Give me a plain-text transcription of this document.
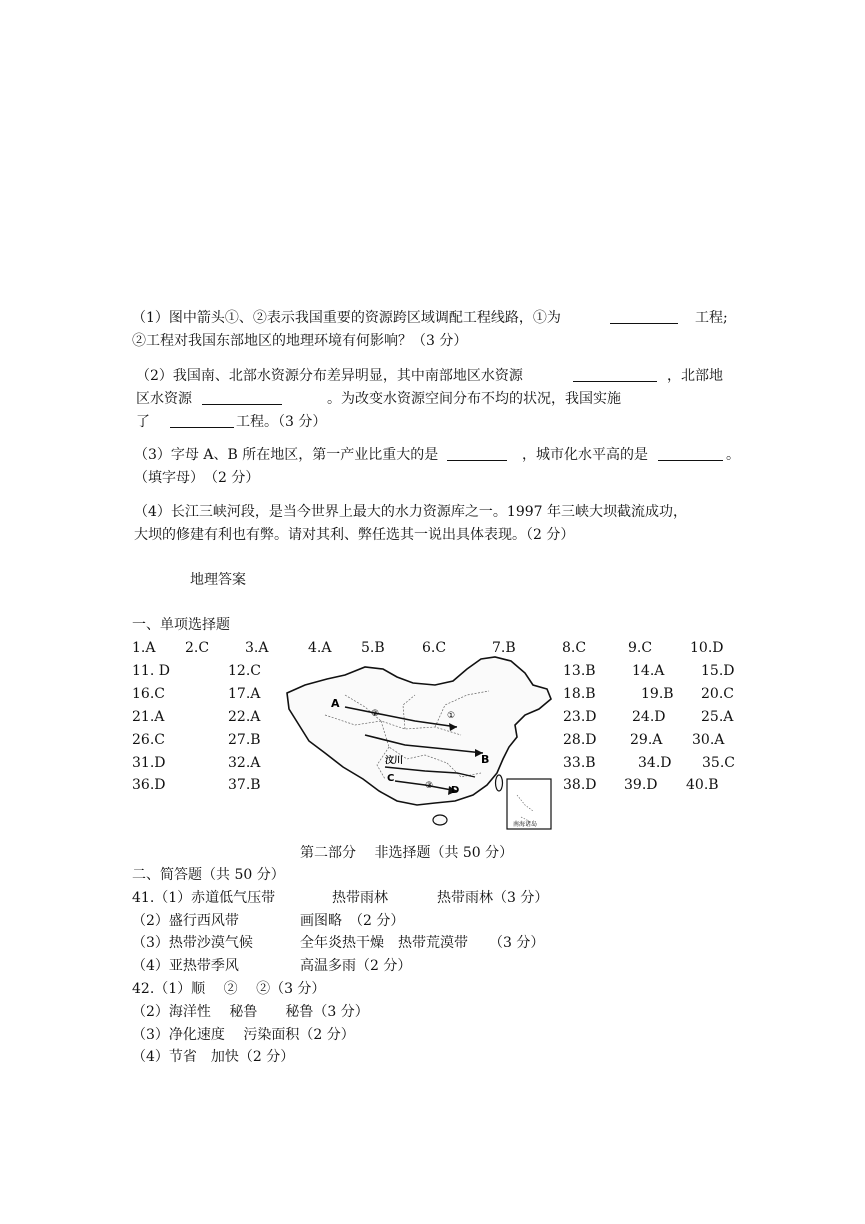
（1）图中箭头①、②表示我国重要的资源跨区域调配工程线路，①为	工程;
②工程对我国东部地区的地理环境有何影响？（3 分）
（2）我国南、北部水资源分布差异明显，其中南部地区水资源	，北部地
区水资源	。为改变水资源空间分布不均的状况，我国实施
了	工程。（3 分）
（3）字母 A、B 所在地区，第一产业比重大的是	，城市化水平高的是	。
（填字母）　（2 分）
（4）长江三峡河段，是当今世界上最大的水力资源库之一。1997 年三峡大坝截流成功，
大坝的修建有利也有弊。请对其利、弊任选其一说出具体表现。（2 分）
地理答案
一、单项选择题
1.A 2.C	3.A	4.A 5.B	6.C	7.B	8.C	9.C	10.D
11. D	12.C	13.B	14.A	15.D
16.C	17.A	18.B	19.B 20.C
21.A	22.A	23.D	24.D	25.A
26.C	27.B	28.D 29.A 30.A
31.D	32.A	33.B	34.D 35.C
36.D	37.B	38.D 39.D 40.B
南海诸岛
A
B
C
D
①
②
③
汶川
第二部分　 非选择题（共 50 分）
二、简答题（共 50 分）
41.（1）赤道低气压带	热带雨林	热带雨林（3 分）
（2）盛行西风带	画图略　（2 分）
（3）热带沙漠气候	全年炎热干燥　热带荒漠带　　（3 分）
（4）亚热带季风	高温多雨（2 分）
42.（1）顺　 ②　 ②（3 分）
（2）海洋性　 秘鲁　　秘鲁（3 分）
（3）净化速度　 污染面积（2 分）
（4）节省　加快（2 分）
